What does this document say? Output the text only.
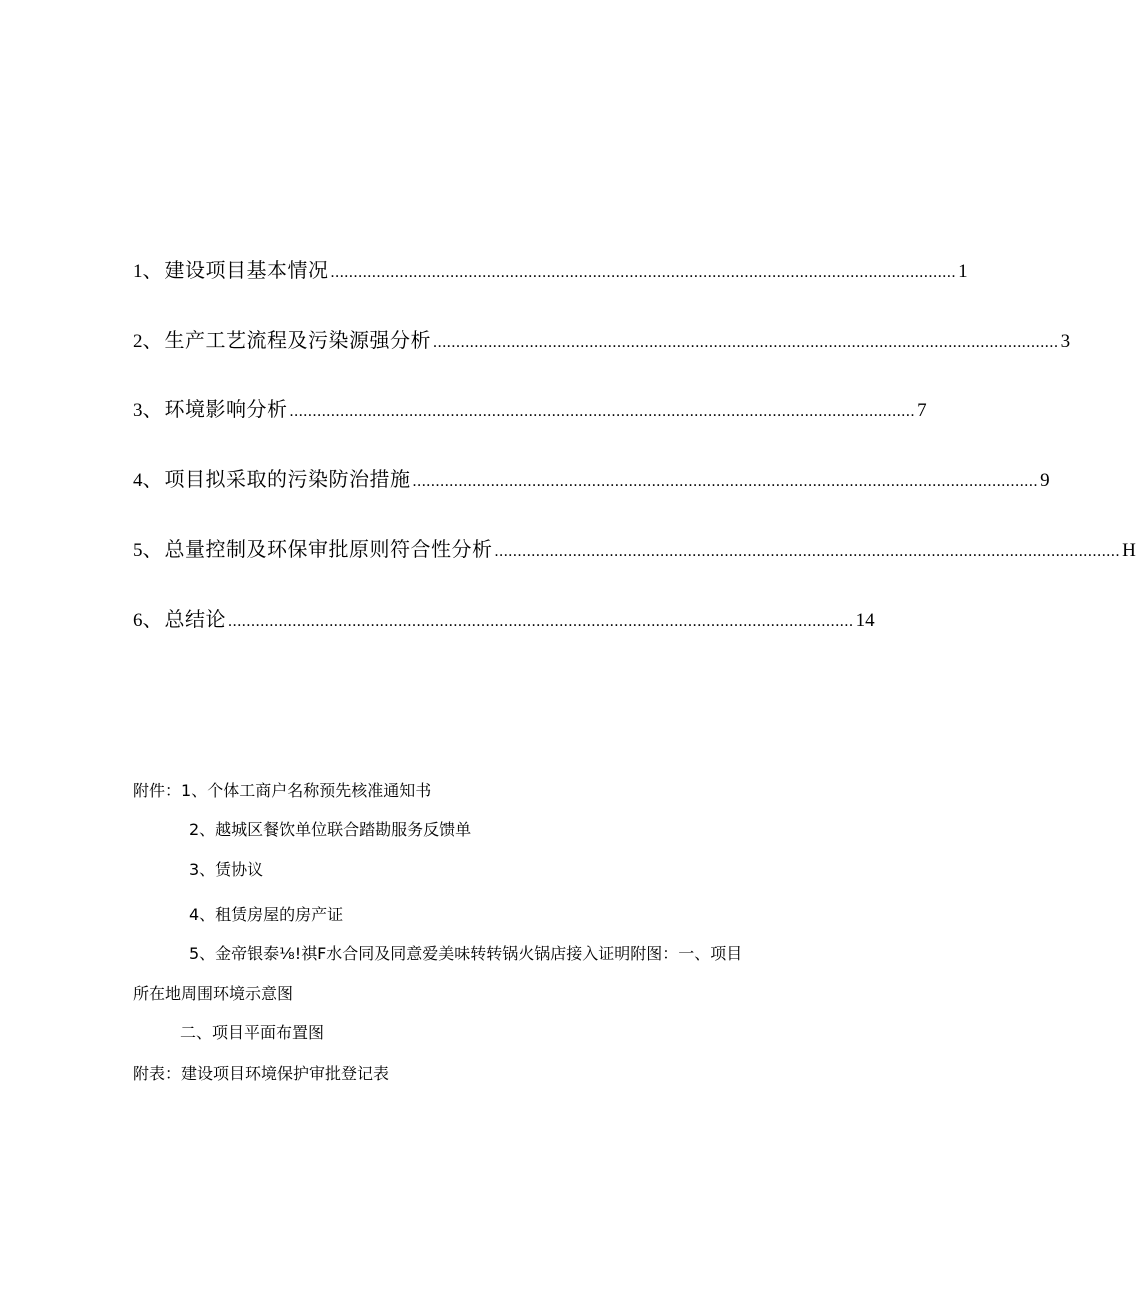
1 、 建设项目基本情况 ........................................................................................................................................ 1
2 、 生产工艺流程及污染源强分析 ........................................................................................................................................ 3
3 、 环境影响分析 ........................................................................................................................................ 7
4 、 项目拟采取的污染防治措施 ........................................................................................................................................ 9
5 、 总量控制及环保审批原则符合性分析 ........................................................................................................................................ H
6 、 总结论 ........................................................................................................................................ 14
附件：1、个体工商户名称预先核准通知书
2、越城区餐饮单位联合踏勘服务反馈单
3、赁协议
4、租赁房屋的房产证
5、金帝银泰⅛!祺F水合同及同意爱美味转转锅火锅店接入证明附图：一、项目
所在地周围环境示意图
二、项目平面布置图
附表：建设项目环境保护审批登记表
